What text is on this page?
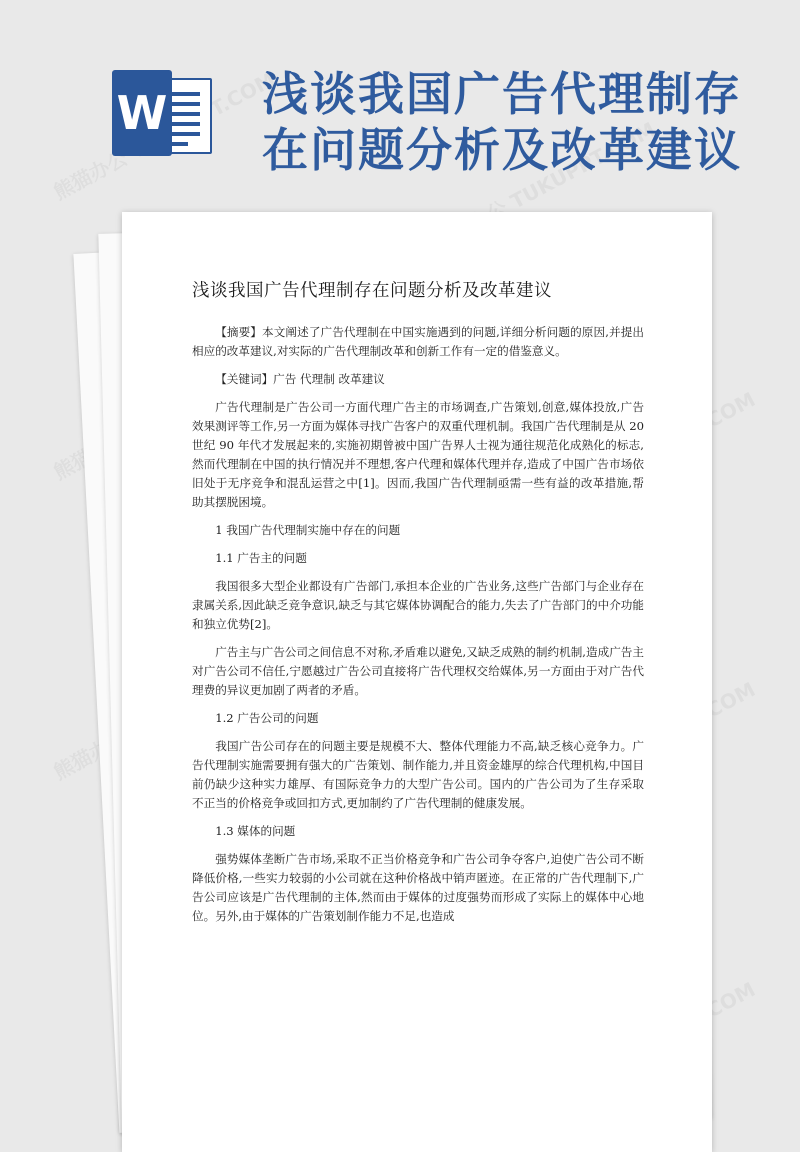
W 浅谈我国广告代理制存
在问题分析及改革建议
浅谈我国广告代理制存在问题分析及改革建议

【摘要】本文阐述了广告代理制在中国实施遇到的问题,详细分析问题的原因,并提出相应的改革建议,对实际的广告代理制改革和创新工作有一定的借鉴意义。

【关键词】广告 代理制 改革建议

广告代理制是广告公司一方面代理广告主的市场调查,广告策划,创意,媒体投放,广告效果测评等工作,另一方面为媒体寻找广告客户的双重代理机制。我国广告代理制是从 20 世纪 90 年代才发展起来的,实施初期曾被中国广告界人士视为通往规范化成熟化的标志,然而代理制在中国的执行情况并不理想,客户代理和媒体代理并存,造成了中国广告市场依旧处于无序竞争和混乱运营之中[1]。因而,我国广告代理制亟需一些有益的改革措施,帮助其摆脱困境。

1 我国广告代理制实施中存在的问题

1.1 广告主的问题

我国很多大型企业都设有广告部门,承担本企业的广告业务,这些广告部门与企业存在隶属关系,因此缺乏竞争意识,缺乏与其它媒体协调配合的能力,失去了广告部门的中介功能和独立优势[2]。

广告主与广告公司之间信息不对称,矛盾难以避免,又缺乏成熟的制约机制,造成广告主对广告公司不信任,宁愿越过广告公司直接将广告代理权交给媒体,另一方面由于对广告代理费的异议更加剧了两者的矛盾。

1.2 广告公司的问题

我国广告公司存在的问题主要是规模不大、整体代理能力不高,缺乏核心竞争力。广告代理制实施需要拥有强大的广告策划、制作能力,并且资金雄厚的综合代理机构,中国目前仍缺少这种实力雄厚、有国际竞争力的大型广告公司。国内的广告公司为了生存采取不正当的价格竞争或回扣方式,更加制约了广告代理制的健康发展。

1.3 媒体的问题

强势媒体垄断广告市场,采取不正当价格竞争和广告公司争夺客户,迫使广告公司不断降低价格,一些实力较弱的小公司就在这种价格战中销声匿迹。在正常的广告代理制下,广告公司应该是广告代理制的主体,然而由于媒体的过度强势而形成了实际上的媒体中心地位。另外,由于媒体的广告策划制作能力不足,也造成
